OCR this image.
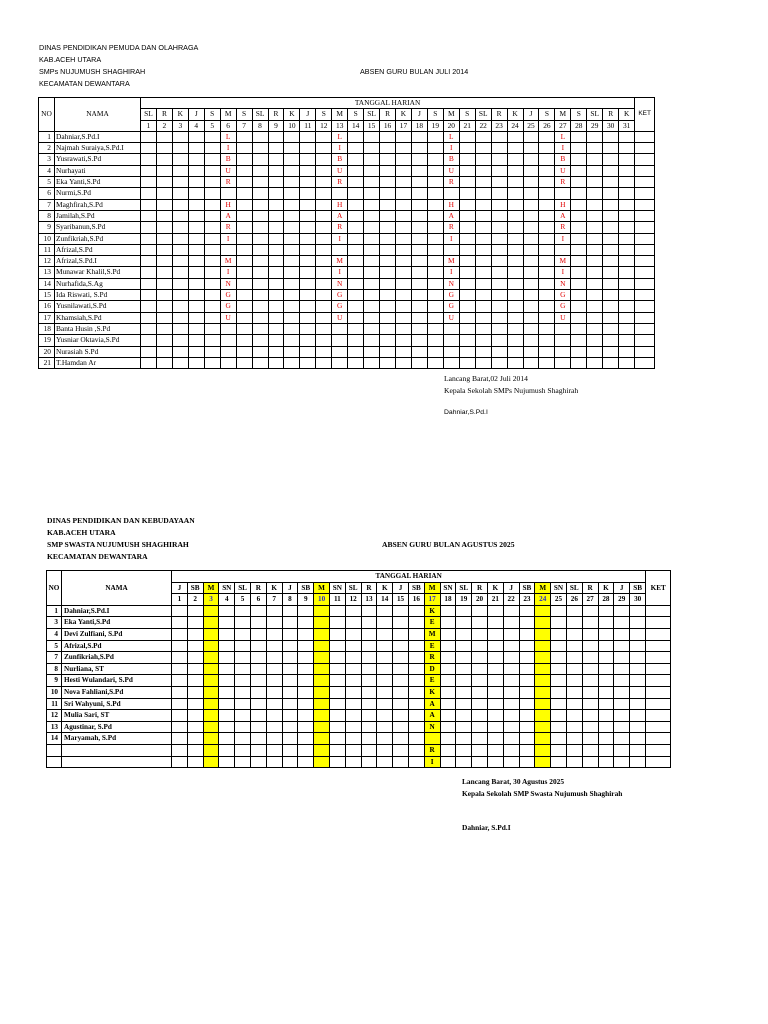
DINAS PENDIDIKAN PEMUDA DAN OLAHRAGA
KAB.ACEH UTARA
SMPs NUJUMUSH SHAGHIRAH
KECAMATAN DEWANTARA
ABSEN GURU BULAN JULI 2014
NO	NAMA	TANGGAL HARIAN																															KET
		SL	R	K	J	S	M	S	SL	R	K	J	S	M	S	SL	R	K	J	S	M	S	SL	R	K	J	S	M	S	SL	R	K	
		1	2	3	4	5	6	7	8	9	10	11	12	13	14	15	16	17	18	19	20	21	22	23	24	25	26	27	28	29	30	31	
1	Dahniar,S.Pd.I						L							L							L							L					
2	Najmah Suraiya,S.Pd.I						I							I							I							I					
3	Yusrawati,S.Pd						B							B							B							B					
4	Nurhayati						U							U							U							U					
5	Eka Yanti,S.Pd						R							R							R							R					
6	Nurmi,S.Pd																																
7	Maghfirah,S.Pd						H							H							H							H					
8	Jamilah,S.Pd						A							A							A							A					
9	Syaribanun,S.Pd						R							R							R							R					
10	Zunfikriah,S.Pd						I							I							I							I					
11	Afrizal,S.Pd																																
12	Afrizal,S.Pd.I						M							M							M							M					
13	Munawar Khalil,S.Pd						I							I							I							I					
14	Nurhafida,S.Ag						N							N							N							N					
15	Ida Riswati, S.Pd						G							G							G							G					
16	Yusnilawati,S.Pd						G							G							G							G					
17	Khamsiah,S.Pd						U							U							U							U					
18	Banta Husin ,S.Pd																																
19	Yusniar Oktavia,S.Pd																																
20	Nurasiah S.Pd																																
21	T.Hamdan Ar																																
Lancang Barat,02 Juli 2014
Kepala Sekolah SMPs Nujumush Shaghirah
Dahniar,S.Pd.I
DINAS PENDIDIKAN DAN KEBUDAYAAN
KAB.ACEH UTARA
SMP SWASTA NUJUMUSH SHAGHIRAH
KECAMATAN DEWANTARA
ABSEN GURU BULAN AGUSTUS 2025
NO	NAMA	TANGGAL HARIAN																														KET
		J	SB	M	SN	SL	R	K	J	SB	M	SN	SL	R	K	J	SB	M	SN	SL	R	K	J	SB	M	SN	SL	R	K	J	SB	
		1	2	3	4	5	6	7	8	9	10	11	12	13	14	15	16	17	18	19	20	21	22	23	24	25	26	27	28	29	30	
1	Dahniar,S.Pd.I																	K														
3	Eka Yanti,S.Pd																	E														
4	Devi Zulfiani, S.Pd																	M														
5	Afrizal,S.Pd																	E														
7	Zunfikriah,S.Pd																	R														
8	Nurliana, ST																	D														
9	Hesti Wulandari, S.Pd																	E														
10	Nova Fahliani,S.Pd																	K														
11	Sri Wahyuni, S.Pd																	A														
12	Mulia Sari, ST																	A														
13	Agustinar, S.Pd																	N														
14	Maryamah, S.Pd																															
																		R														
																		I														
Lancang Barat, 30 Agustus 2025
Kepala Sekolah SMP Swasta Nujumush Shaghirah
Dahniar, S.Pd.I
